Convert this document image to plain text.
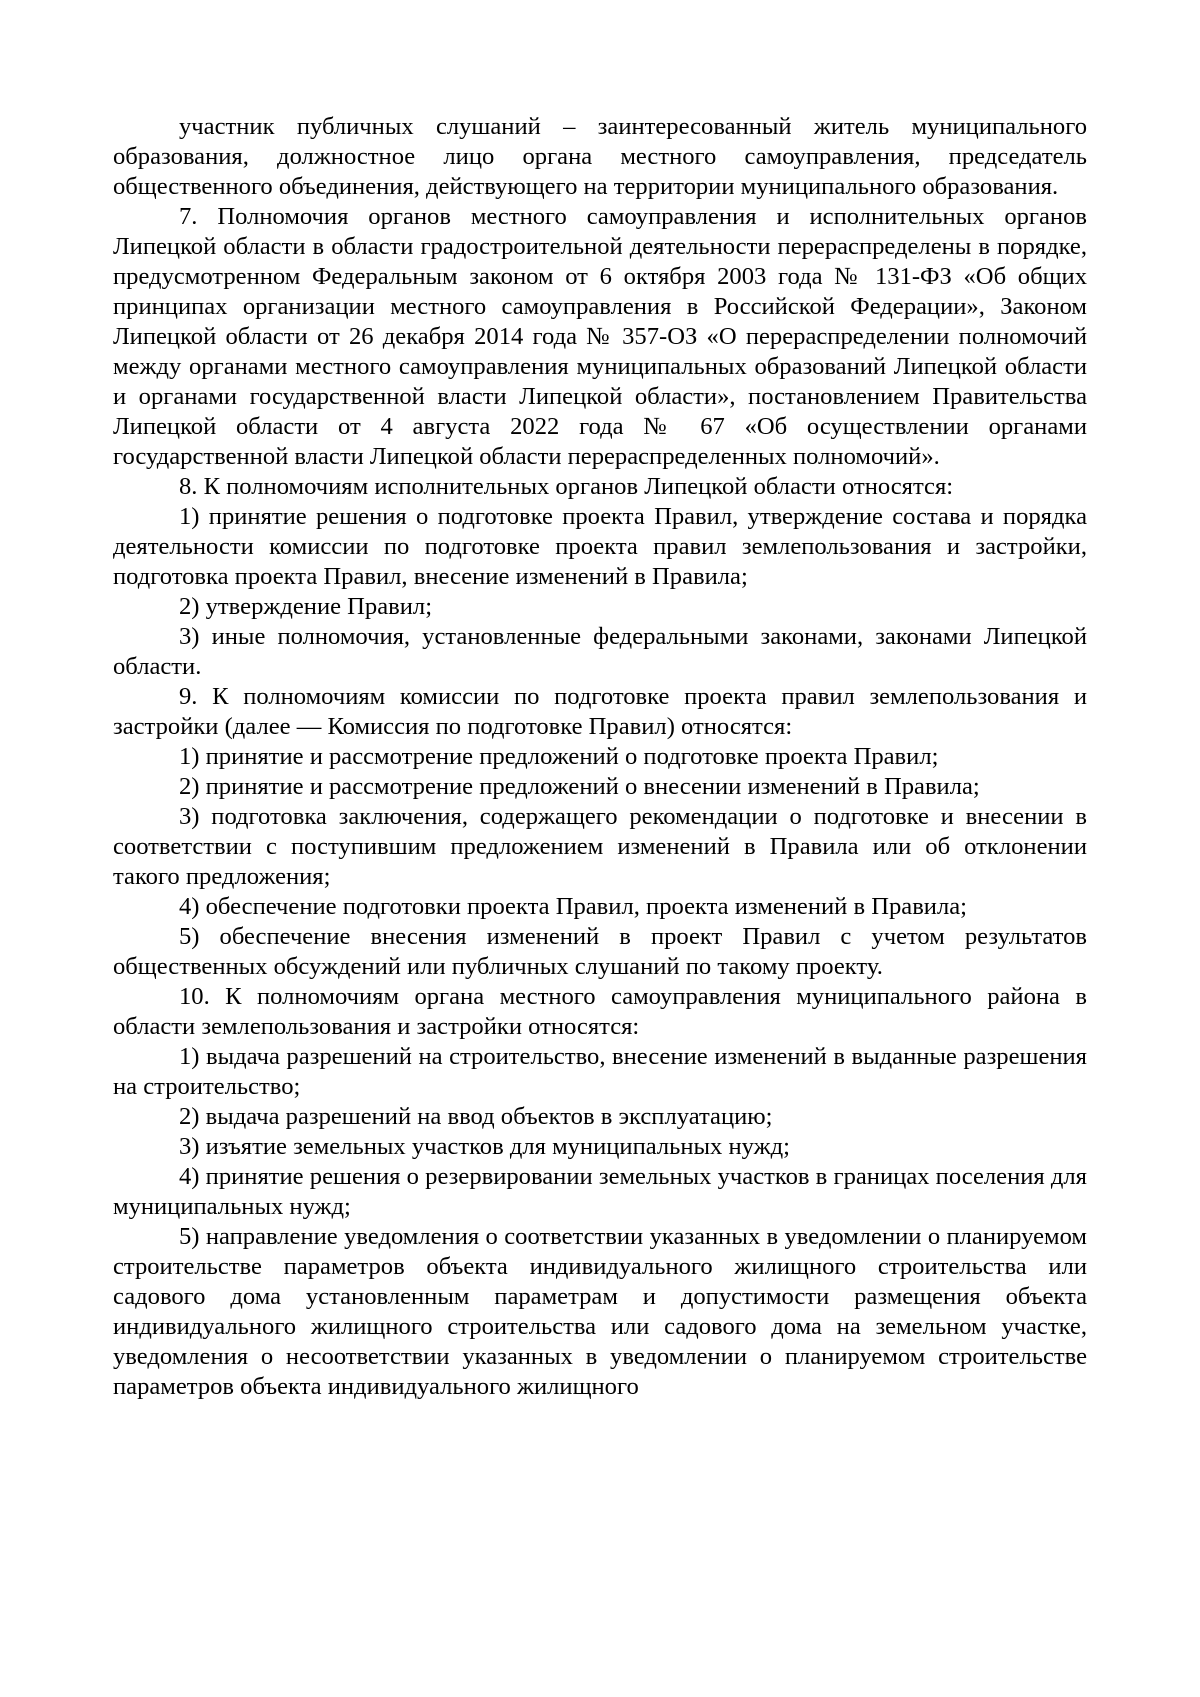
участник публичных слушаний – заинтересованный житель муниципального образования, должностное лицо органа местного самоуправления, председатель общественного объединения, действующего на территории муниципального образования.

7. Полномочия органов местного самоуправления и исполнительных органов Липецкой области в области градостроительной деятельности перераспределены в порядке, предусмотренном Федеральным законом от 6 октября 2003 года № 131-ФЗ «Об общих принципах организации местного самоуправления в Российской Федерации», Законом Липецкой области от 26 декабря 2014 года № 357-ОЗ «О перераспределении полномочий между органами местного самоуправления муниципальных образований Липецкой области и органами государственной власти Липецкой области», постановлением Правительства Липецкой области от 4 августа 2022 года № 67 «Об осуществлении органами государственной власти Липецкой области перераспределенных полномочий».

8. К полномочиям исполнительных органов Липецкой области относятся:

1) принятие решения о подготовке проекта Правил, утверждение состава и порядка деятельности комиссии по подготовке проекта правил землепользования и застройки, подготовка проекта Правил, внесение изменений в Правила;

2) утверждение Правил;

3) иные полномочия, установленные федеральными законами, законами Липецкой области.

9. К полномочиям комиссии по подготовке проекта правил землепользования и застройки (далее — Комиссия по подготовке Правил) относятся:

1) принятие и рассмотрение предложений о подготовке проекта Правил;

2) принятие и рассмотрение предложений о внесении изменений в Правила;

3) подготовка заключения, содержащего рекомендации о подготовке и внесении в соответствии с поступившим предложением изменений в Правила или об отклонении такого предложения;

4) обеспечение подготовки проекта Правил, проекта изменений в Правила;

5) обеспечение внесения изменений в проект Правил с учетом результатов общественных обсуждений или публичных слушаний по такому проекту.

10. К полномочиям органа местного самоуправления муниципального района в области землепользования и застройки относятся:

1) выдача разрешений на строительство, внесение изменений в выданные разрешения на строительство;

2) выдача разрешений на ввод объектов в эксплуатацию;

3) изъятие земельных участков для муниципальных нужд;

4) принятие решения о резервировании земельных участков в границах поселения для муниципальных нужд;

5) направление уведомления о соответствии указанных в уведомлении о планируемом строительстве параметров объекта индивидуального жилищного строительства или садового дома установленным параметрам и допустимости размещения объекта индивидуального жилищного строительства или садового дома на земельном участке, уведомления о несоответствии указанных в уведомлении о планируемом строительстве параметров объекта индивидуального жилищного
